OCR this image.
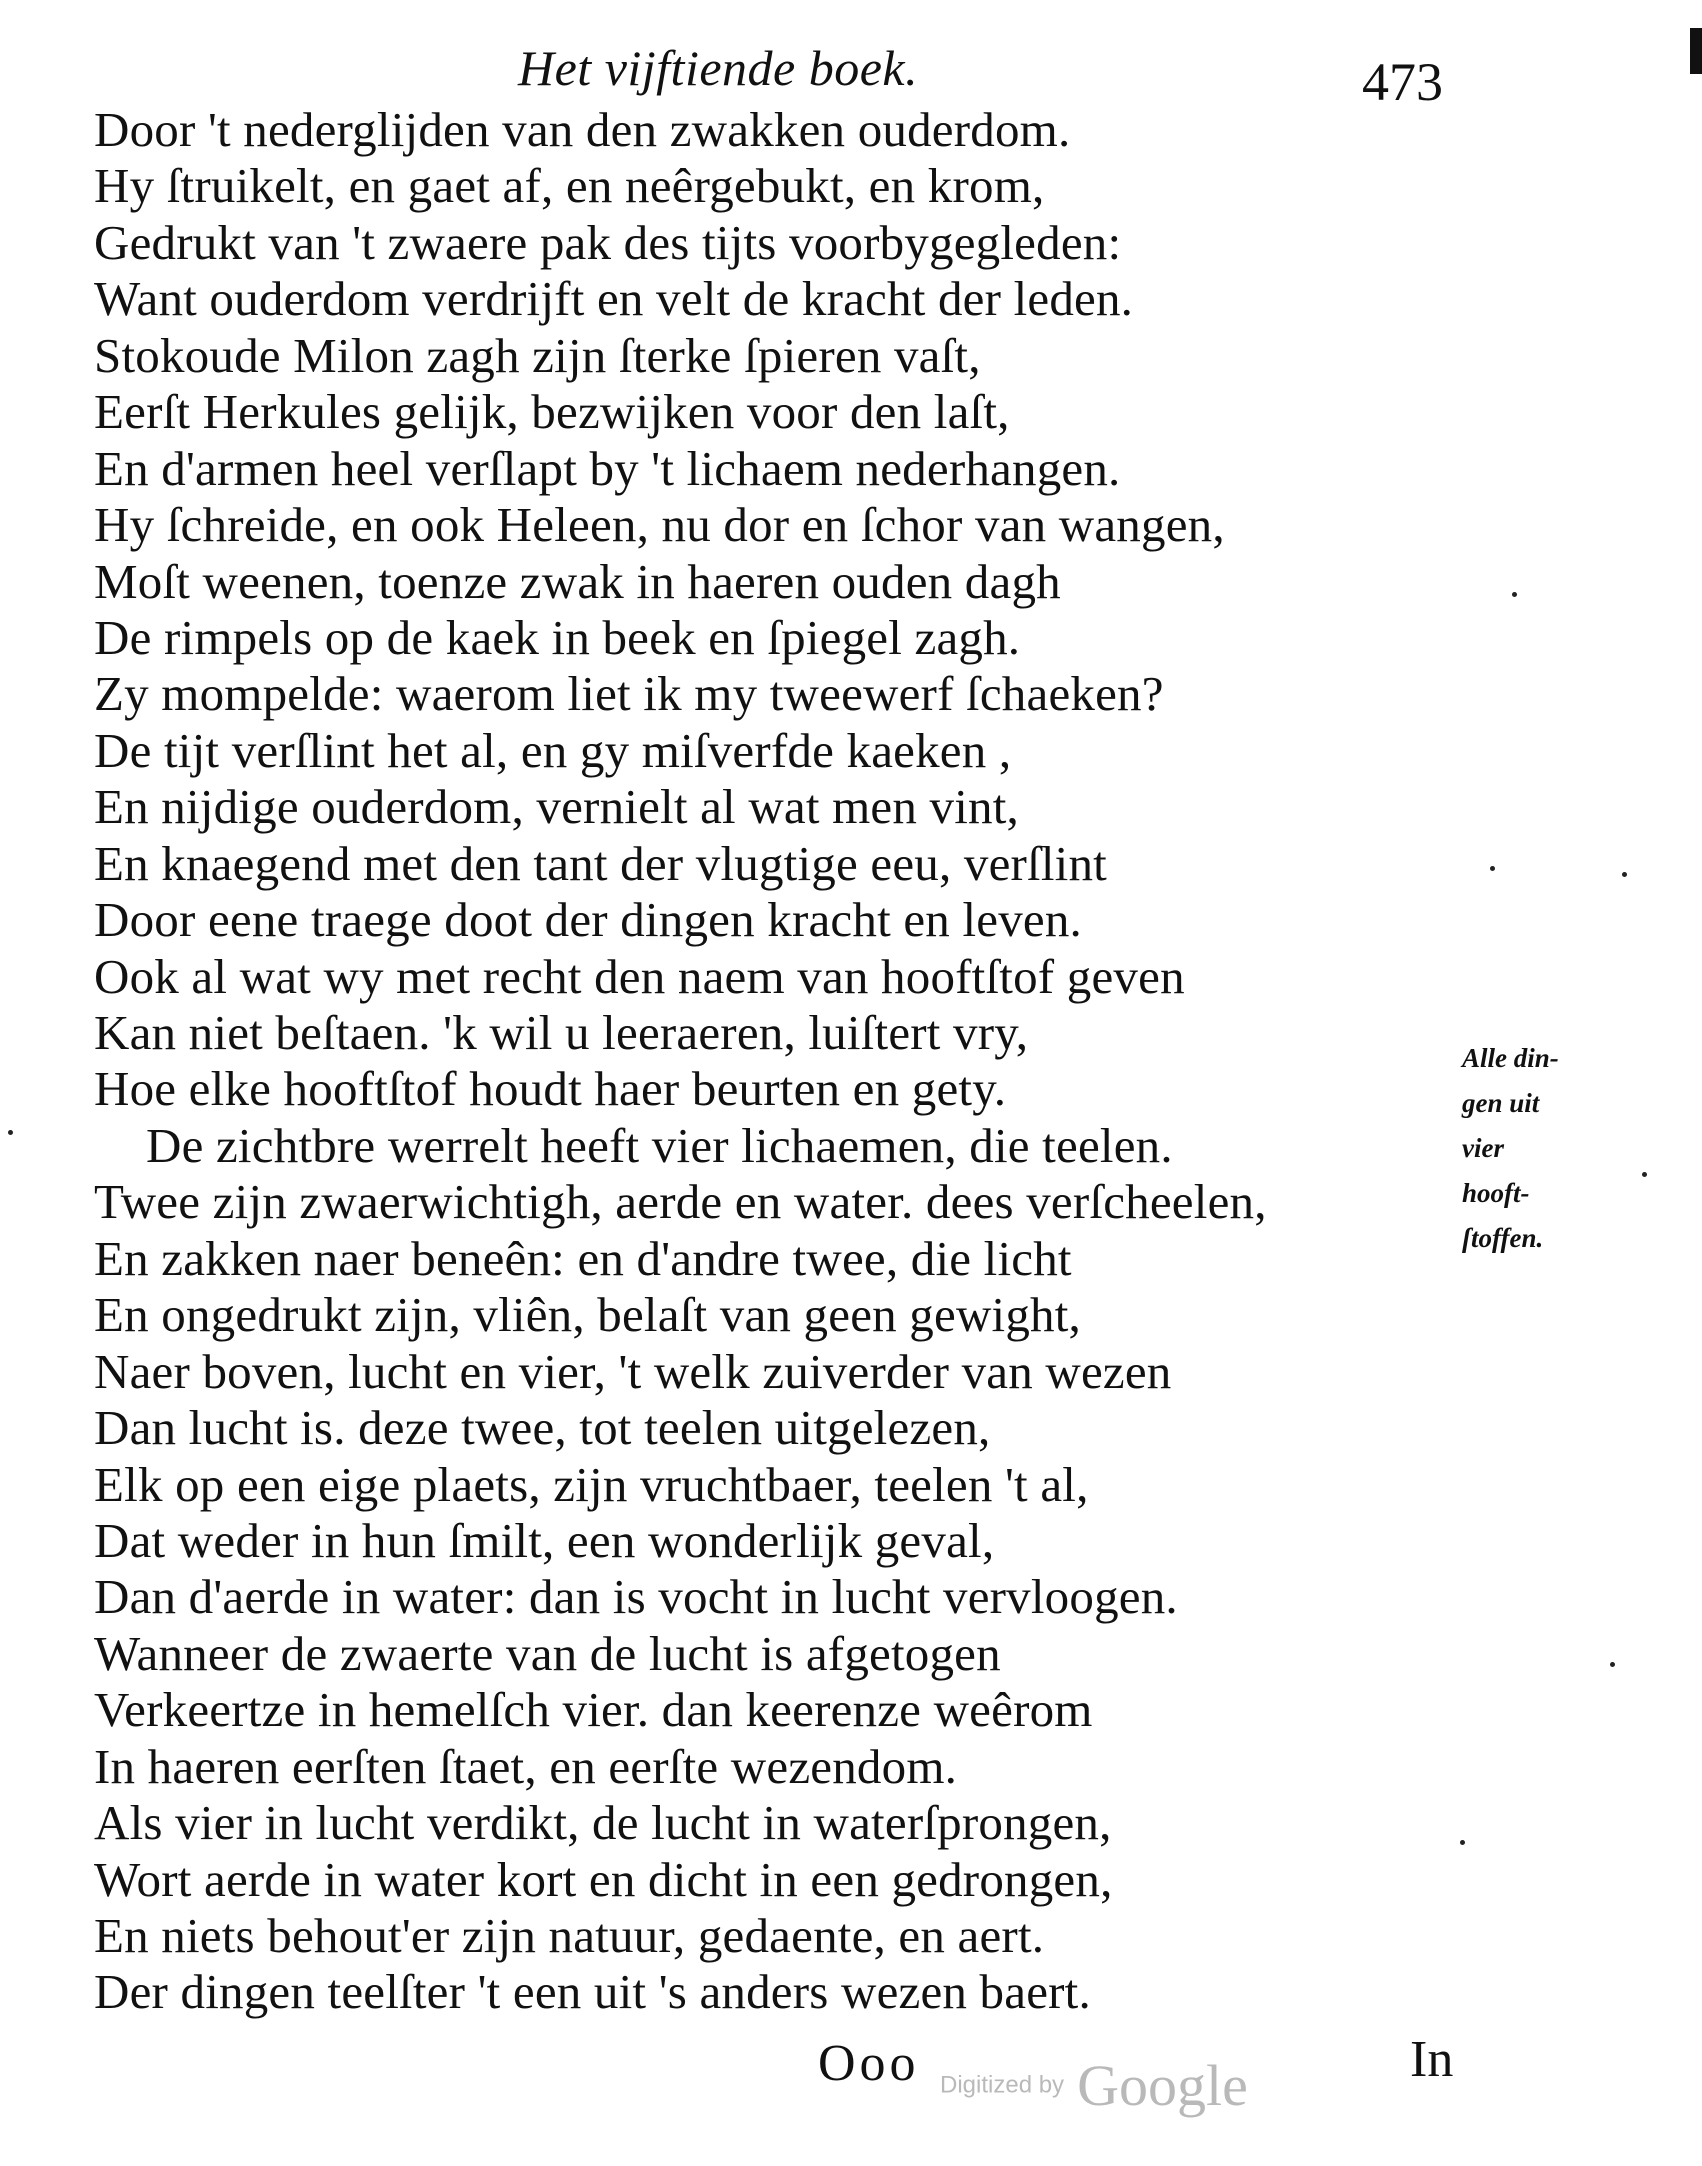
Het vijftiende boek.	473
Door 't nederglijden van den zwakken ouderdom.
Hy ſtruikelt, en gaet af, en neêrgebukt, en krom,
Gedrukt van 't zwaere pak des tijts voorbygegleden:
Want ouderdom verdrijft en velt de kracht der leden.
Stokoude Milon zagh zijn ſterke ſpieren vaſt,
Eerſt Herkules gelijk, bezwijken voor den laſt,
En d'armen heel verſlapt by 't lichaem nederhangen.
Hy ſchreide, en ook Heleen, nu dor en ſchor van wangen,
Moſt weenen, toenze zwak in haeren ouden dagh
De rimpels op de kaek in beek en ſpiegel zagh.
Zy mompelde: waerom liet ik my tweewerf ſchaeken?
De tijt verſlint het al, en gy miſverfde kaeken ,
En nijdige ouderdom, vernielt al wat men vint,
En knaegend met den tant der vlugtige eeu, verſlint
Door eene traege doot der dingen kracht en leven.
Ook al wat wy met recht den naem van hooftſtof geven
Kan niet beſtaen. 'k wil u leeraeren, luiſtert vry,
Hoe elke hooftſtof houdt haer beurten en gety.
De zichtbre werrelt heeft vier lichaemen, die teelen.
Twee zijn zwaerwichtigh, aerde en water. dees verſcheelen,
En zakken naer beneên: en d'andre twee, die licht
En ongedrukt zijn, vliên, belaſt van geen gewight,
Naer boven, lucht en vier, 't welk zuiverder van wezen
Dan lucht is. deze twee, tot teelen uitgelezen,
Elk op een eige plaets, zijn vruchtbaer, teelen 't al,
Dat weder in hun ſmilt, een wonderlijk geval,
Dan d'aerde in water: dan is vocht in lucht vervloogen.
Wanneer de zwaerte van de lucht is afgetogen
Verkeertze in hemelſch vier. dan keerenze weêrom
In haeren eerſten ſtaet, en eerſte wezendom.
Als vier in lucht verdikt, de lucht in waterſprongen,
Wort aerde in water kort en dicht in een gedrongen,
En niets behout'er zijn natuur, gedaente, en aert.
Der dingen teelſter 't een uit 's anders wezen baert.
Alle din-
gen uit
vier
hooft-
ſtoffen.
Ooo	In
Digitized by Google
